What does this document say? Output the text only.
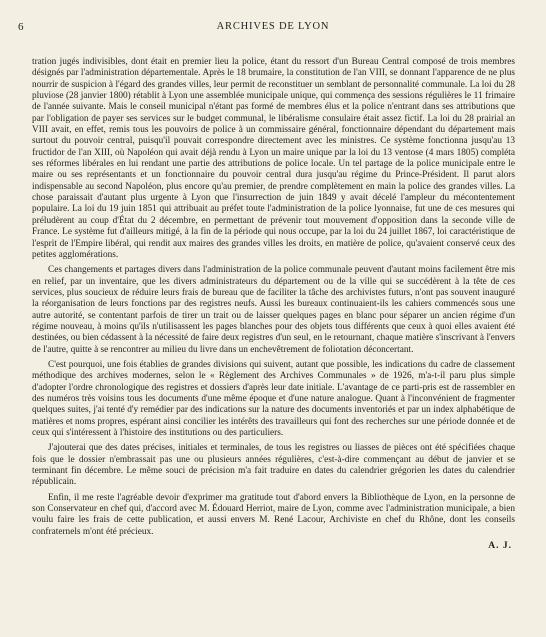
6	ARCHIVES DE LYON

tration jugés indivisibles, dont était en premier lieu la police, étant du ressort d'un Bureau Central composé de trois membres désignés par l'administration départementale. Après le 18 brumaire, la constitution de l'an VIII, se donnant l'apparence de ne plus nourrir de suspicion à l'égard des grandes villes, leur permit de reconstituer un semblant de personnalité communale. La loi du 28 pluviose (28 janvier 1800) rétablit à Lyon une assemblée municipale unique, qui commença des sessions régulières le 11 frimaire de l'année suivante. Mais le conseil municipal n'étant pas formé de membres élus et la police n'entrant dans ses attributions que par l'obligation de payer ses services sur le budget communal, le libéralisme consulaire était assez fictif. La loi du 28 prairial an VIII avait, en effet, remis tous les pouvoirs de police à un commissaire général, fonctionnaire dépendant du département mais surtout du pouvoir central, puisqu'il pouvait correspondre directement avec les ministres. Ce système fonctionna jusqu'au 13 fructidor de l'an XIII, où Napoléon qui avait déjà rendu à Lyon un maire unique par la loi du 13 ventose (4 mars 1805) compléta ses réformes libérales en lui rendant une partie des attributions de police locale. Un tel partage de la police municipale entre le maire ou ses représentants et un fonctionnaire du pouvoir central dura jusqu'au régime du Prince-Président. Il parut alors indispensable au second Napoléon, plus encore qu'au premier, de prendre complètement en main la police des grandes villes. La chose paraissait d'autant plus urgente à Lyon que l'insurrection de juin 1849 y avait décelé l'ampleur du mécontentement populaire. La loi du 19 juin 1851 qui attribuait au préfet toute l'administration de la police lyonnaise, fut une de ces mesures qui préludèrent au coup d'État du 2 décembre, en permettant de prévenir tout mouvement d'opposition dans la seconde ville de France. Le système fut d'ailleurs mitigé, à la fin de la période qui nous occupe, par la loi du 24 juillet 1867, loi caractéristique de l'esprit de l'Empire libéral, qui rendit aux maires des grandes villes les droits, en matière de police, qu'avaient conservé ceux des petites agglomérations.

Ces changements et partages divers dans l'administration de la police communale peuvent d'autant moins facilement être mis en relief, par un inventaire, que les divers administrateurs du département ou de la ville qui se succédèrent à la tête de ces services, plus soucieux de réduire leurs frais de bureau que de faciliter la tâche des archivistes futurs, n'ont pas souvent inauguré la réorganisation de leurs fonctions par des registres neufs. Aussi les bureaux continuaient-ils les cahiers commencés sous une autre autorité, se contentant parfois de tirer un trait ou de laisser quelques pages en blanc pour séparer un ancien régime d'un régime nouveau, à moins qu'ils n'utilisassent les pages blanches pour des objets tous différents que ceux à quoi elles avaient été destinées, ou bien cédassent à la nécessité de faire deux registres d'un seul, en le retournant, chaque matière s'inscrivant à l'envers de l'autre, quitte à se rencontrer au milieu du livre dans un enchevêtrement de foliotation déconcertant.

C'est pourquoi, une fois établies de grandes divisions qui suivent, autant que possible, les indications du cadre de classement méthodique des archives modernes, selon le « Règlement des Archives Communales » de 1926, m'a-t-il paru plus simple d'adopter l'ordre chronologique des registres et dossiers d'après leur date initiale. L'avantage de ce parti-pris est de rassembler en des numéros très voisins tous les documents d'une même époque et d'une nature analogue. Quant à l'inconvénient de fragmenter quelques suites, j'ai tenté d'y remédier par des indications sur la nature des documents inventoriés et par un index alphabétique de matières et noms propres, espérant ainsi concilier les intérêts des travailleurs qui font des recherches sur une période donnée et de ceux qui s'intéressent à l'histoire des institutions ou des particuliers.

J'ajouterai que des dates précises, initiales et terminales, de tous les registres ou liasses de pièces ont été spécifiées chaque fois que le dossier n'embrassait pas une ou plusieurs années régulières, c'est-à-dire commençant au début de janvier et se terminant fin décembre. Le même souci de précision m'a fait traduire en dates du calendrier grégorien les dates du calendrier républicain.

Enfin, il me reste l'agréable devoir d'exprimer ma gratitude tout d'abord envers la Bibliothèque de Lyon, en la personne de son Conservateur en chef qui, d'accord avec M. Édouard Herriot, maire de Lyon, comme avec l'administration municipale, a bien voulu faire les frais de cette publication, et aussi envers M. René Lacour, Archiviste en chef du Rhône, dont les conseils confraternels m'ont été précieux.

A. J.
